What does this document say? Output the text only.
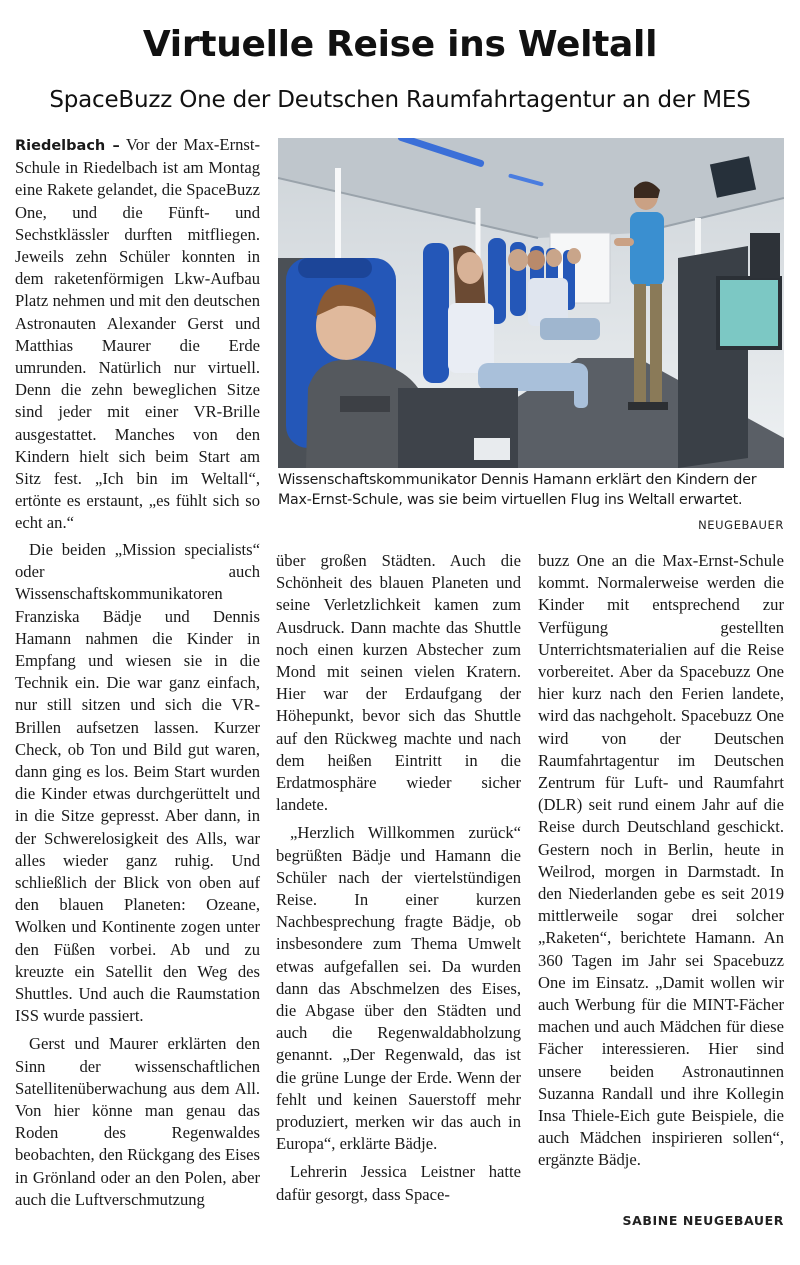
Virtuelle Reise ins Weltall
SpaceBuzz One der Deutschen Raumfahrtagentur an der MES

Riedelbach – Vor der Max-Ernst-Schule in Riedelbach ist am Montag eine Rakete gelandet, die SpaceBuzz One, und die Fünft- und Sechstklässler durften mitfliegen. Jeweils zehn Schüler konnten in dem raketenförmigen Lkw-Aufbau Platz nehmen und mit den deutschen Astronauten Alexander Gerst und Matthias Maurer die Erde umrunden. Natürlich nur virtuell. Denn die zehn beweglichen Sitze sind jeder mit einer VR-Brille ausgestattet. Manches von den Kindern hielt sich beim Start am Sitz fest. „Ich bin im Weltall“, ertönte es erstaunt, „es fühlt sich so echt an.“

Die beiden „Mission specialists“ oder auch Wissenschaftskommunikatoren Franziska Bädje und Dennis Hamann nahmen die Kinder in Empfang und wiesen sie in die Technik ein. Die war ganz einfach, nur still sitzen und sich die VR-Brillen aufsetzen lassen. Kurzer Check, ob Ton und Bild gut waren, dann ging es los. Beim Start wurden die Kinder etwas durchgerüttelt und in die Sitze gepresst. Aber dann, in der Schwerelosigkeit des Alls, war alles wieder ganz ruhig. Und schließlich der Blick von oben auf den blauen Planeten: Ozeane, Wolken und Kontinente zogen unter den Füßen vorbei. Ab und zu kreuzte ein Satellit den Weg des Shuttles. Und auch die Raumstation ISS wurde passiert.

Gerst und Maurer erklärten den Sinn der wissenschaftlichen Satellitenüberwachung aus dem All. Von hier könne man genau das Roden des Regenwaldes beobachten, den Rückgang des Eises in Grönland oder an den Polen, aber auch die Luftverschmutzung

Wissenschaftskommunikator Dennis Hamann erklärt den Kindern der Max-Ernst-Schule, was sie beim virtuellen Flug ins Weltall erwartet.
NEUGEBAUER

über großen Städten. Auch die Schönheit des blauen Planeten und seine Verletzlichkeit kamen zum Ausdruck. Dann machte das Shuttle noch einen kurzen Abstecher zum Mond mit seinen vielen Kratern. Hier war der Erdaufgang der Höhepunkt, bevor sich das Shuttle auf den Rückweg machte und nach dem heißen Eintritt in die Erdatmosphäre wieder sicher landete.

„Herzlich Willkommen zurück“ begrüßten Bädje und Hamann die Schüler nach der viertelstündigen Reise. In einer kurzen Nachbesprechung fragte Bädje, ob insbesondere zum Thema Umwelt etwas aufgefallen sei. Da wurden dann das Abschmelzen des Eises, die Abgase über den Städten und auch die Regenwaldabholzung genannt. „Der Regenwald, das ist die grüne Lunge der Erde. Wenn der fehlt und keinen Sauerstoff mehr produziert, merken wir das auch in Europa“, erklärte Bädje.

Lehrerin Jessica Leistner hatte dafür gesorgt, dass Space-

buzz One an die Max-Ernst-Schule kommt. Normalerweise werden die Kinder mit entsprechend zur Verfügung gestellten Unterrichtsmaterialien auf die Reise vorbereitet. Aber da Spacebuzz One hier kurz nach den Ferien landete, wird das nachgeholt. Spacebuzz One wird von der Deutschen Raumfahrtagentur im Deutschen Zentrum für Luft- und Raumfahrt (DLR) seit rund einem Jahr auf die Reise durch Deutschland geschickt. Gestern noch in Berlin, heute in Weilrod, morgen in Darmstadt. In den Niederlanden gebe es seit 2019 mittlerweile sogar drei solcher „Raketen“, berichtete Hamann. An 360 Tagen im Jahr sei Spacebuzz One im Einsatz. „Damit wollen wir auch Werbung für die MINT-Fächer machen und auch Mädchen für diese Fächer interessieren. Hier sind unsere beiden Astronautinnen Suzanna Randall und ihre Kollegin Insa Thiele-Eich gute Beispiele, die auch Mädchen inspirieren sollen“, ergänzte Bädje.

SABINE NEUGEBAUER
